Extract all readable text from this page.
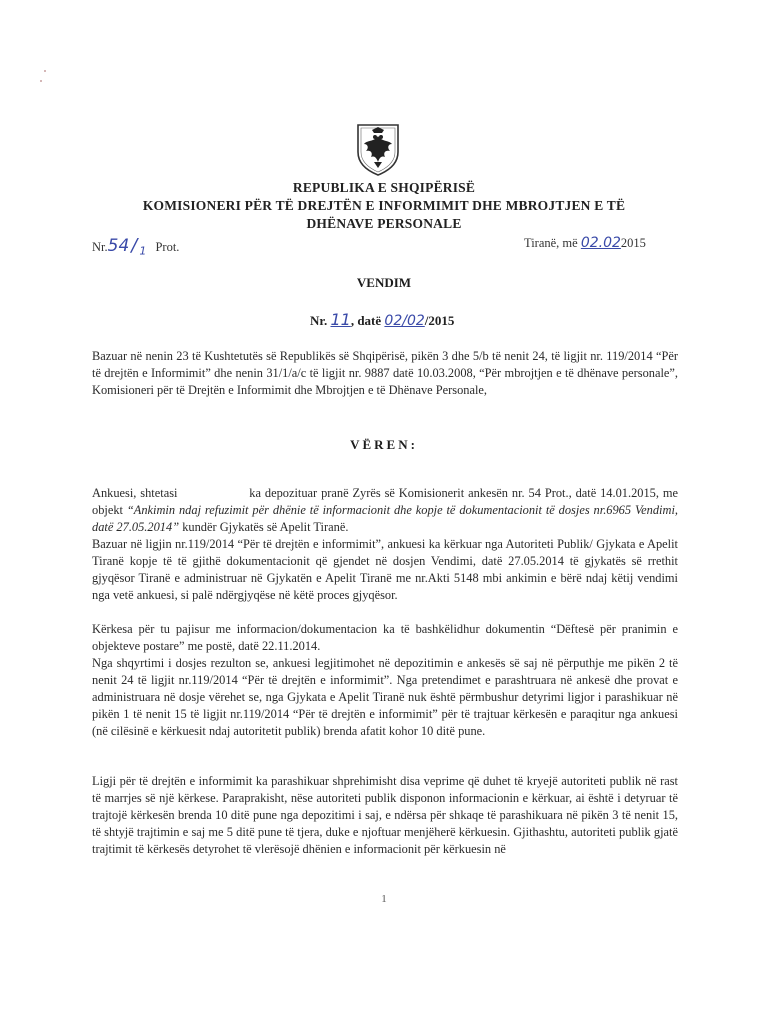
REPUBLIKA E SHQIPËRISË
KOMISIONERI PËR TË DREJTËN E INFORMIMIT DHE MBROJTJEN E TË
DHËNAVE PERSONALE
Nr.54 / $_1$ Prot.	Tiranë, më 02.022015
VENDIM
Nr. 11, datë 02/02/2015
Bazuar në nenin 23 të Kushtetutës së Republikës së Shqipërisë, pikën 3 dhe 5/b të nenit 24, të ligjit nr. 119/2014 “Për të drejtën e Informimit” dhe nenin 31/1/a/c të ligjit nr. 9887 datë 10.03.2008, “Për mbrojtjen e të dhënave personale”, Komisioneri për të Drejtën e Informimit dhe Mbrojtjen e të Dhënave Personale,
VËREN:
Ankuesi, shtetasi	ka depozituar pranë Zyrës së Komisionerit ankesën nr. 54 Prot., datë 14.01.2015, me objekt “Ankimin ndaj refuzimit për dhënie të informacionit dhe kopje të dokumentacionit të dosjes nr.6965 Vendimi, datë 27.05.2014” kundër Gjykatës së Apelit Tiranë.
Bazuar në ligjin nr.119/2014 “Për të drejtën e informimit”, ankuesi ka kërkuar nga Autoriteti Publik/ Gjykata e Apelit Tiranë kopje të të gjithë dokumentacionit që gjendet në dosjen Vendimi, datë 27.05.2014 të gjykatës së rrethit gjyqësor Tiranë e administruar në Gjykatën e Apelit Tiranë me nr.Akti 5148 mbi ankimin e bërë ndaj këtij vendimi nga vetë ankuesi, si palë ndërgjyqëse në këtë proces gjyqësor.
Kërkesa për tu pajisur me informacion/dokumentacion ka të bashkëlidhur dokumentin “Dëftesë për pranimin e objekteve postare” me postë, datë 22.11.2014.
Nga shqyrtimi i dosjes rezulton se, ankuesi legjitimohet në depozitimin e ankesës së saj në përputhje me pikën 2 të nenit 24 të ligjit nr.119/2014 “Për të drejtën e informimit”. Nga pretendimet e parashtruara në ankesë dhe provat e administruara në dosje vërehet se, nga Gjykata e Apelit Tiranë nuk është përmbushur detyrimi ligjor i parashikuar në pikën 1 të nenit 15 të ligjit nr.119/2014 “Për të drejtën e informimit” për të trajtuar kërkesën e paraqitur nga ankuesi (në cilësinë e kërkuesit ndaj autoritetit publik) brenda afatit kohor 10 ditë pune.
Ligji për të drejtën e informimit ka parashikuar shprehimisht disa veprime që duhet të kryejë autoriteti publik në rast të marrjes së një kërkese. Paraprakisht, nëse autoriteti publik disponon informacionin e kërkuar, ai është i detyruar të trajtojë kërkesën brenda 10 ditë pune nga depozitimi i saj, e ndërsa për shkaqe të parashikuara në pikën 3 të nenit 15, të shtyjë trajtimin e saj me 5 ditë pune të tjera, duke e njoftuar menjëherë kërkuesin. Gjithashtu, autoriteti publik gjatë trajtimit të kërkesës detyrohet të vlerësojë dhënien e informacionit për kërkuesin në
1
